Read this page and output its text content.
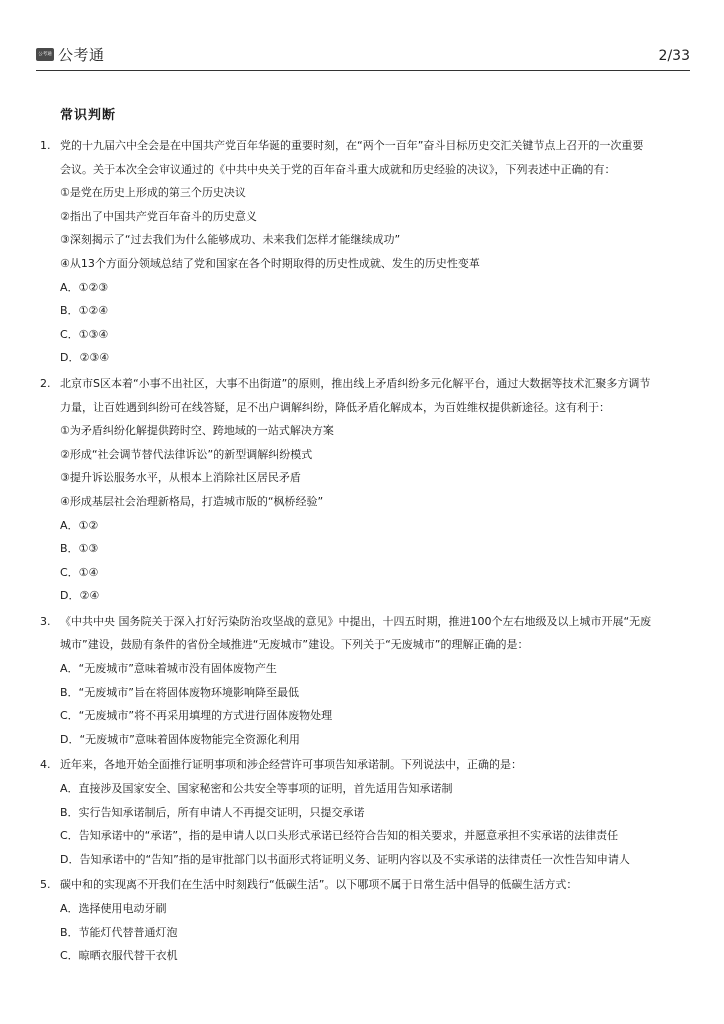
公考通 公考通	2/33
常识判断
1. 党的十九届六中全会是在中国共产党百年华诞的重要时刻，在“两个一百年”奋斗目标历史交汇关键节点上召开的一次重要
会议。关于本次全会审议通过的《中共中央关于党的百年奋斗重大成就和历史经验的决议》，下列表述中正确的有：
①是党在历史上形成的第三个历史决议
②指出了中国共产党百年奋斗的历史意义
③深刻揭示了“过去我们为什么能够成功、未来我们怎样才能继续成功”
④从13个方面分领域总结了党和国家在各个时期取得的历史性成就、发生的历史性变革
A．①②③
B．①②④
C．①③④
D．②③④
2. 北京市S区本着“小事不出社区，大事不出街道”的原则，推出线上矛盾纠纷多元化解平台，通过大数据等技术汇聚多方调节
力量，让百姓遇到纠纷可在线答疑，足不出户调解纠纷，降低矛盾化解成本，为百姓维权提供新途径。这有利于：
①为矛盾纠纷化解提供跨时空、跨地域的一站式解决方案
②形成“社会调节替代法律诉讼”的新型调解纠纷模式
③提升诉讼服务水平，从根本上消除社区居民矛盾
④形成基层社会治理新格局，打造城市版的“枫桥经验”
A．①②
B．①③
C．①④
D．②④
3. 《中共中央 国务院关于深入打好污染防治攻坚战的意见》中提出，十四五时期，推进100个左右地级及以上城市开展“无废
城市”建设，鼓励有条件的省份全域推进“无废城市”建设。下列关于“无废城市”的理解正确的是：
A．“无废城市”意味着城市没有固体废物产生
B．“无废城市”旨在将固体废物环境影响降至最低
C．“无废城市”将不再采用填埋的方式进行固体废物处理
D．“无废城市”意味着固体废物能完全资源化利用
4. 近年来，各地开始全面推行证明事项和涉企经营许可事项告知承诺制。下列说法中，正确的是：
A．直接涉及国家安全、国家秘密和公共安全等事项的证明，首先适用告知承诺制
B．实行告知承诺制后，所有申请人不再提交证明，只提交承诺
C．告知承诺中的“承诺”，指的是申请人以口头形式承诺已经符合告知的相关要求，并愿意承担不实承诺的法律责任
D．告知承诺中的“告知”指的是审批部门以书面形式将证明义务、证明内容以及不实承诺的法律责任一次性告知申请人
5. 碳中和的实现离不开我们在生活中时刻践行“低碳生活”。以下哪项不属于日常生活中倡导的低碳生活方式：
A．选择使用电动牙刷
B．节能灯代替普通灯泡
C．晾晒衣服代替干衣机
